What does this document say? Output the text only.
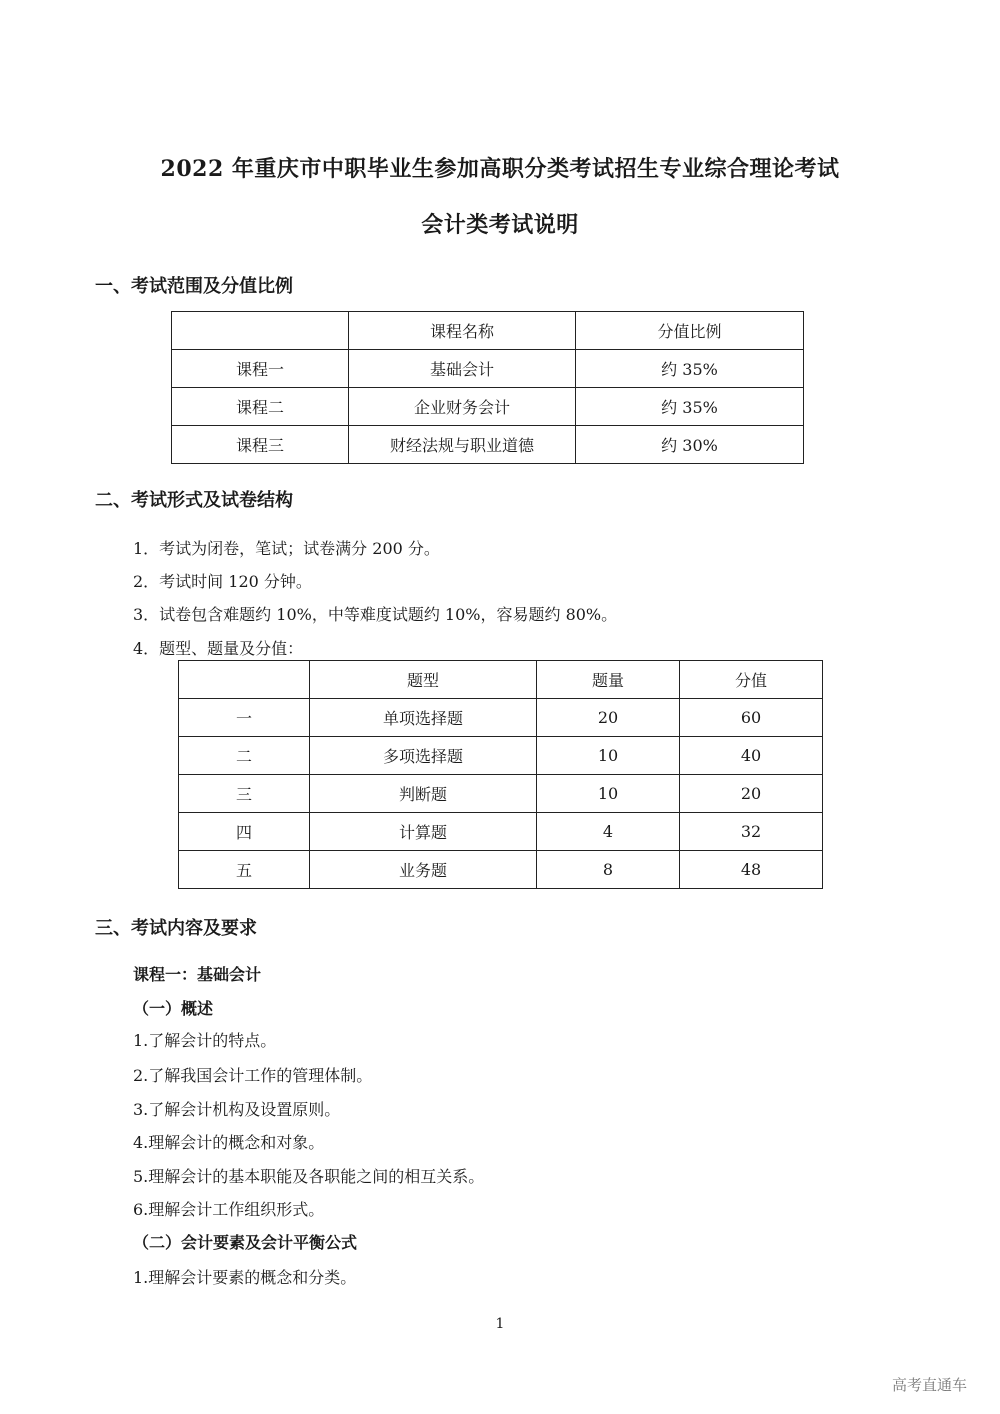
2022 年重庆市中职毕业生参加高职分类考试招生专业综合理论考试
会计类考试说明
一、考试范围及分值比例
	课程名称	分值比例
课程一	基础会计	约 35%
课程二	企业财务会计	约 35%
课程三	财经法规与职业道德	约 30%
二、考试形式及试卷结构

1．考试为闭卷，笔试；试卷满分 200 分。

2．考试时间 120 分钟。

3．试卷包含难题约 10%，中等难度试题约 10%，容易题约 80%。

4．题型、题量及分值：

	题型	题量	分值
一	单项选择题	20	60
二	多项选择题	10	40
三	判断题	10	20
四	计算题	4	32
五	业务题	8	48
三、考试内容及要求

课程一：基础会计

（一）概述

1.了解会计的特点。

2.了解我国会计工作的管理体制。

3.了解会计机构及设置原则。

4.理解会计的概念和对象。

5.理解会计的基本职能及各职能之间的相互关系。

6.理解会计工作组织形式。

（二）会计要素及会计平衡公式

1.理解会计要素的概念和分类。

1
高考直通车
